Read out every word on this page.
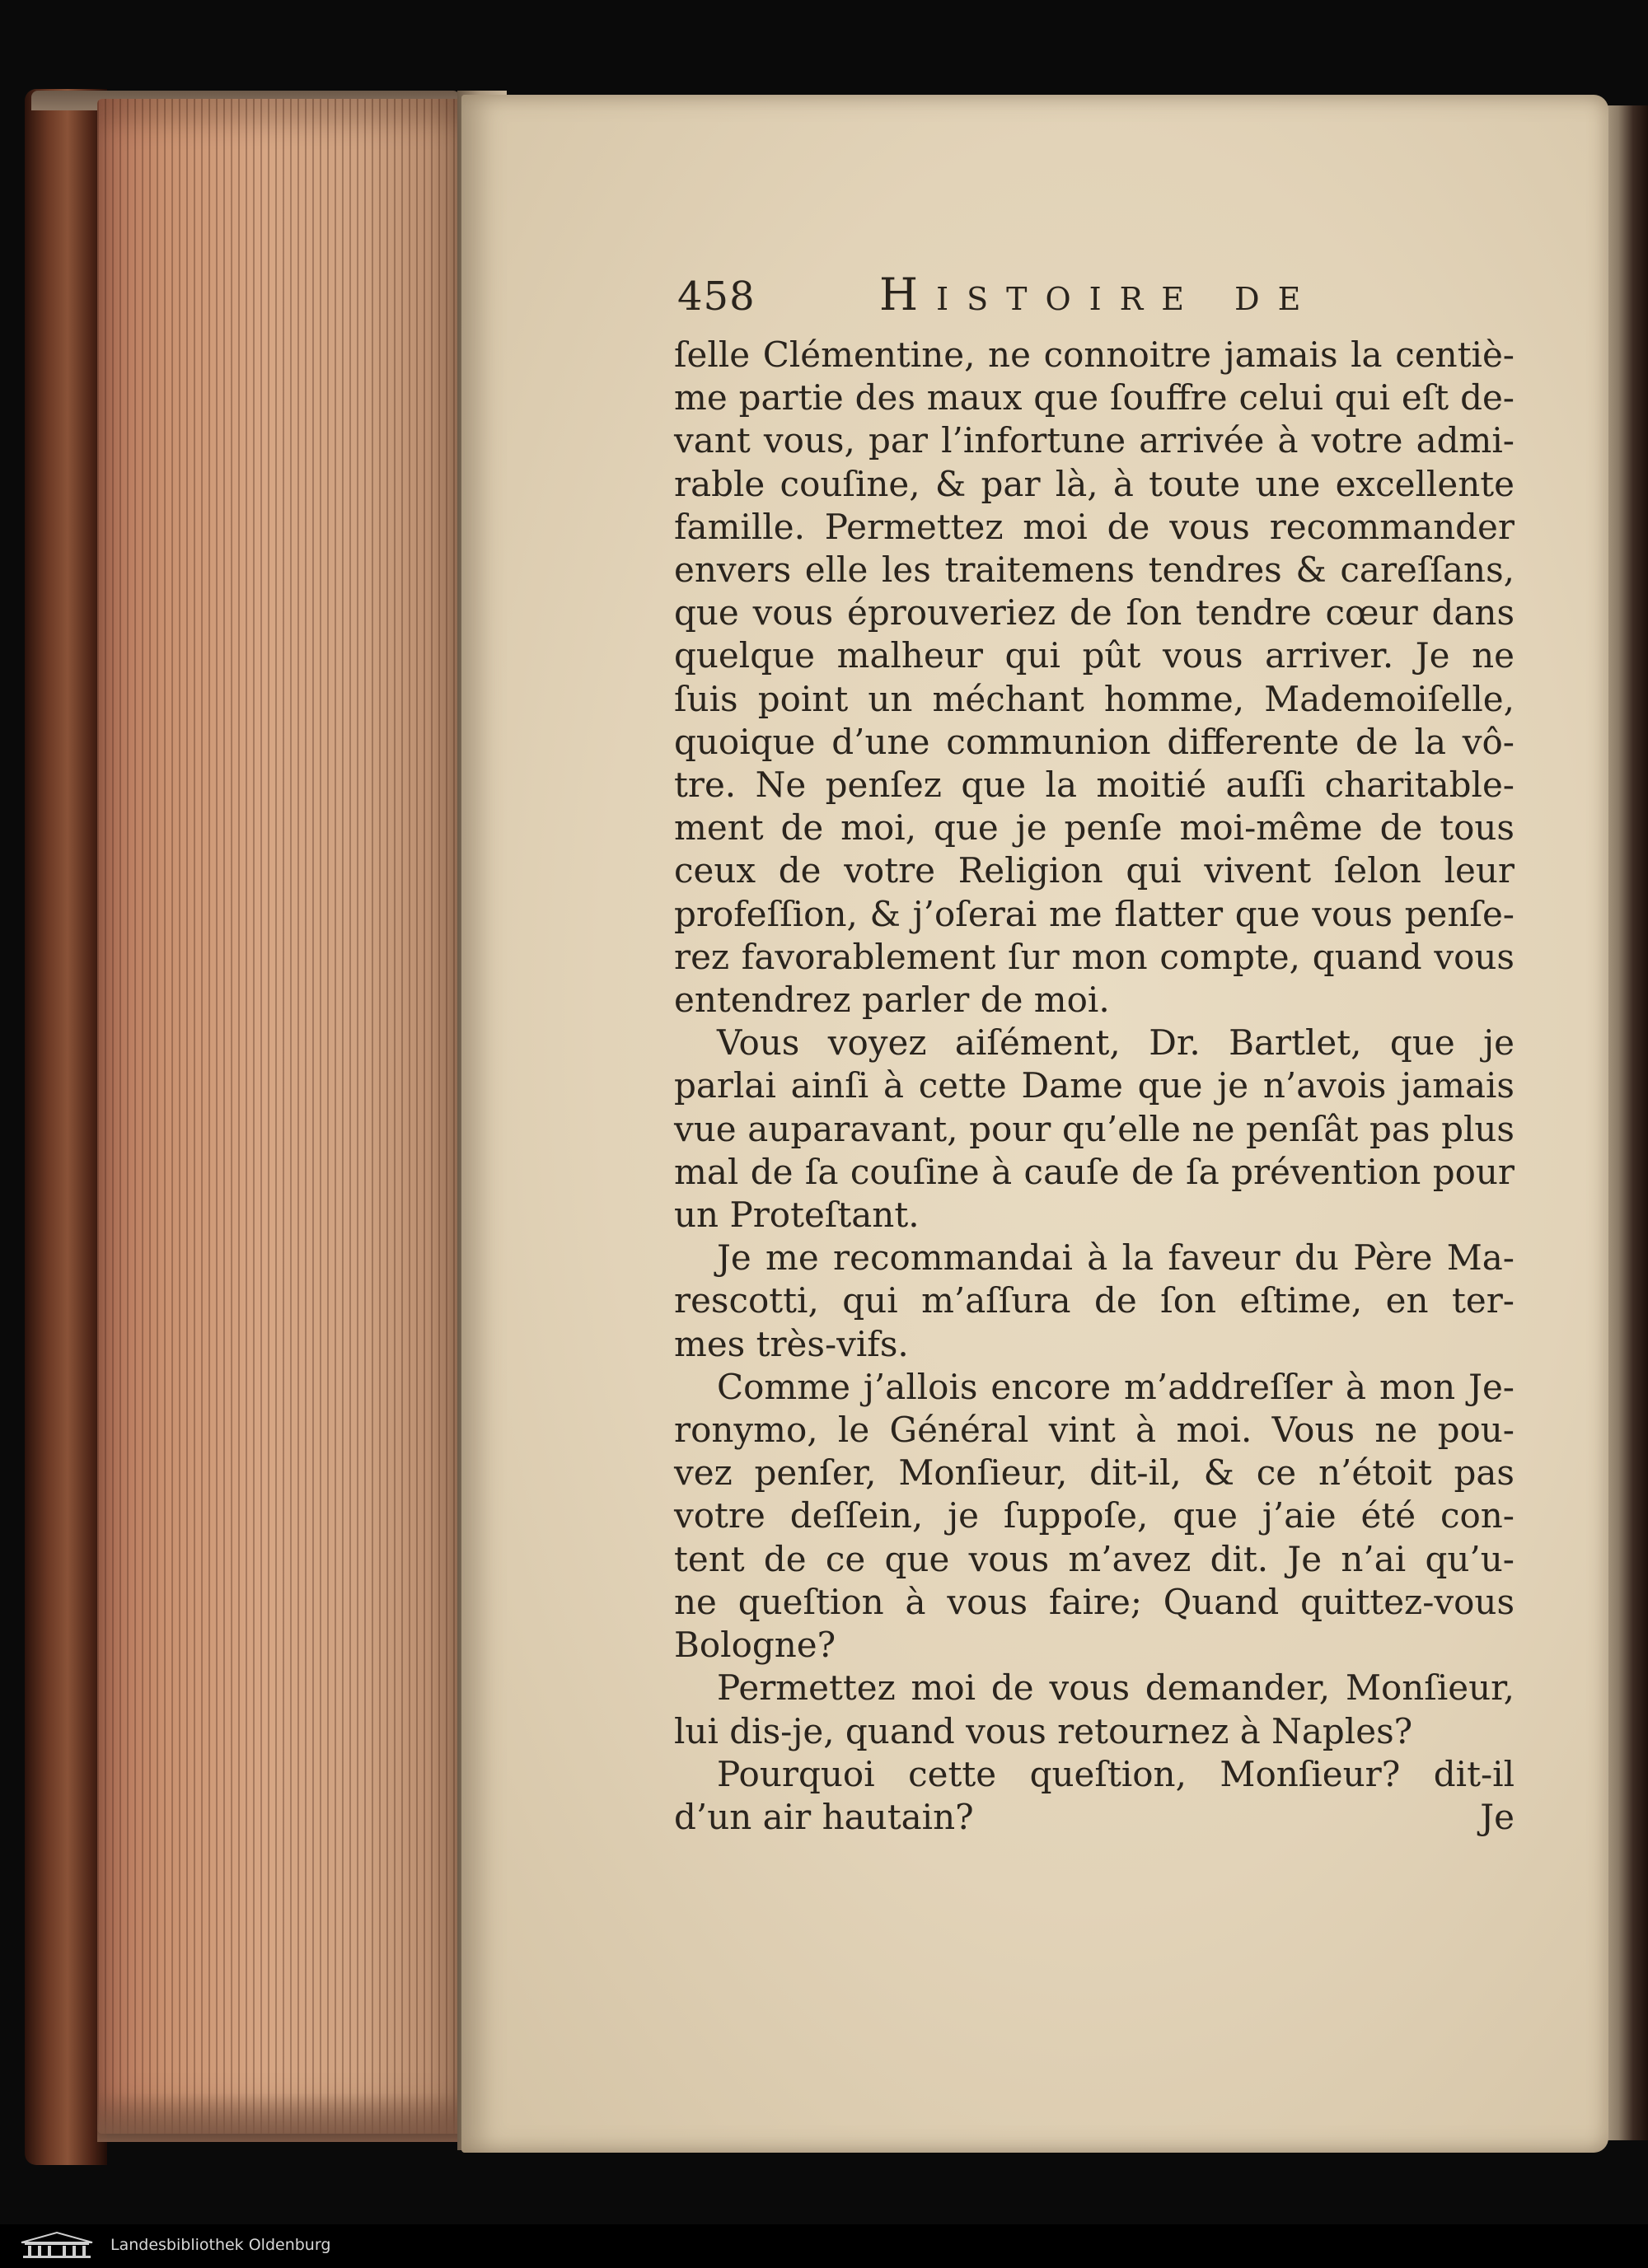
458	Histoire de
ſelle Clémentine, ne connoitre jamais la centiè-
me partie des maux que ſouffre celui qui eſt de-
vant vous, par l’infortune arrivée à votre admi-
rable couſine, & par là, à toute une excellente
famille. Permettez moi de vous recommander
envers elle les traitemens tendres & careſſans,
que vous éprouveriez de ſon tendre cœur dans
quelque malheur qui pût vous arriver. Je ne
ſuis point un méchant homme, Mademoiſelle,
quoique d’une communion differente de la vô-
tre. Ne penſez que la moitié auſſi charitable-
ment de moi, que je penſe moi-même de tous
ceux de votre Religion qui vivent ſelon leur
profeſſion, & j’oſerai me flatter que vous penſe-
rez favorablement ſur mon compte, quand vous
entendrez parler de moi.
Vous voyez aiſément, Dr. Bartlet, que je
parlai ainſi à cette Dame que je n’avois jamais
vue auparavant, pour qu’elle ne penſât pas plus
mal de ſa couſine à cauſe de ſa prévention pour
un Proteſtant.
Je me recommandai à la faveur du Père Ma-
rescotti, qui m’aſſura de ſon eſtime, en ter-
mes très-vifs.
Comme j’allois encore m’addreſſer à mon Je-
ronymo, le Général vint à moi. Vous ne pou-
vez penſer, Monſieur, dit-il, & ce n’étoit pas
votre deſſein, je ſuppoſe, que j’aie été con-
tent de ce que vous m’avez dit. Je n’ai qu’u-
ne queſtion à vous faire; Quand quittez-vous
Bologne?
Permettez moi de vous demander, Monſieur,
lui dis-je, quand vous retournez à Naples?
Pourquoi cette queſtion, Monſieur? dit-il
d’un air hautain?	Je
Landesbibliothek Oldenburg
